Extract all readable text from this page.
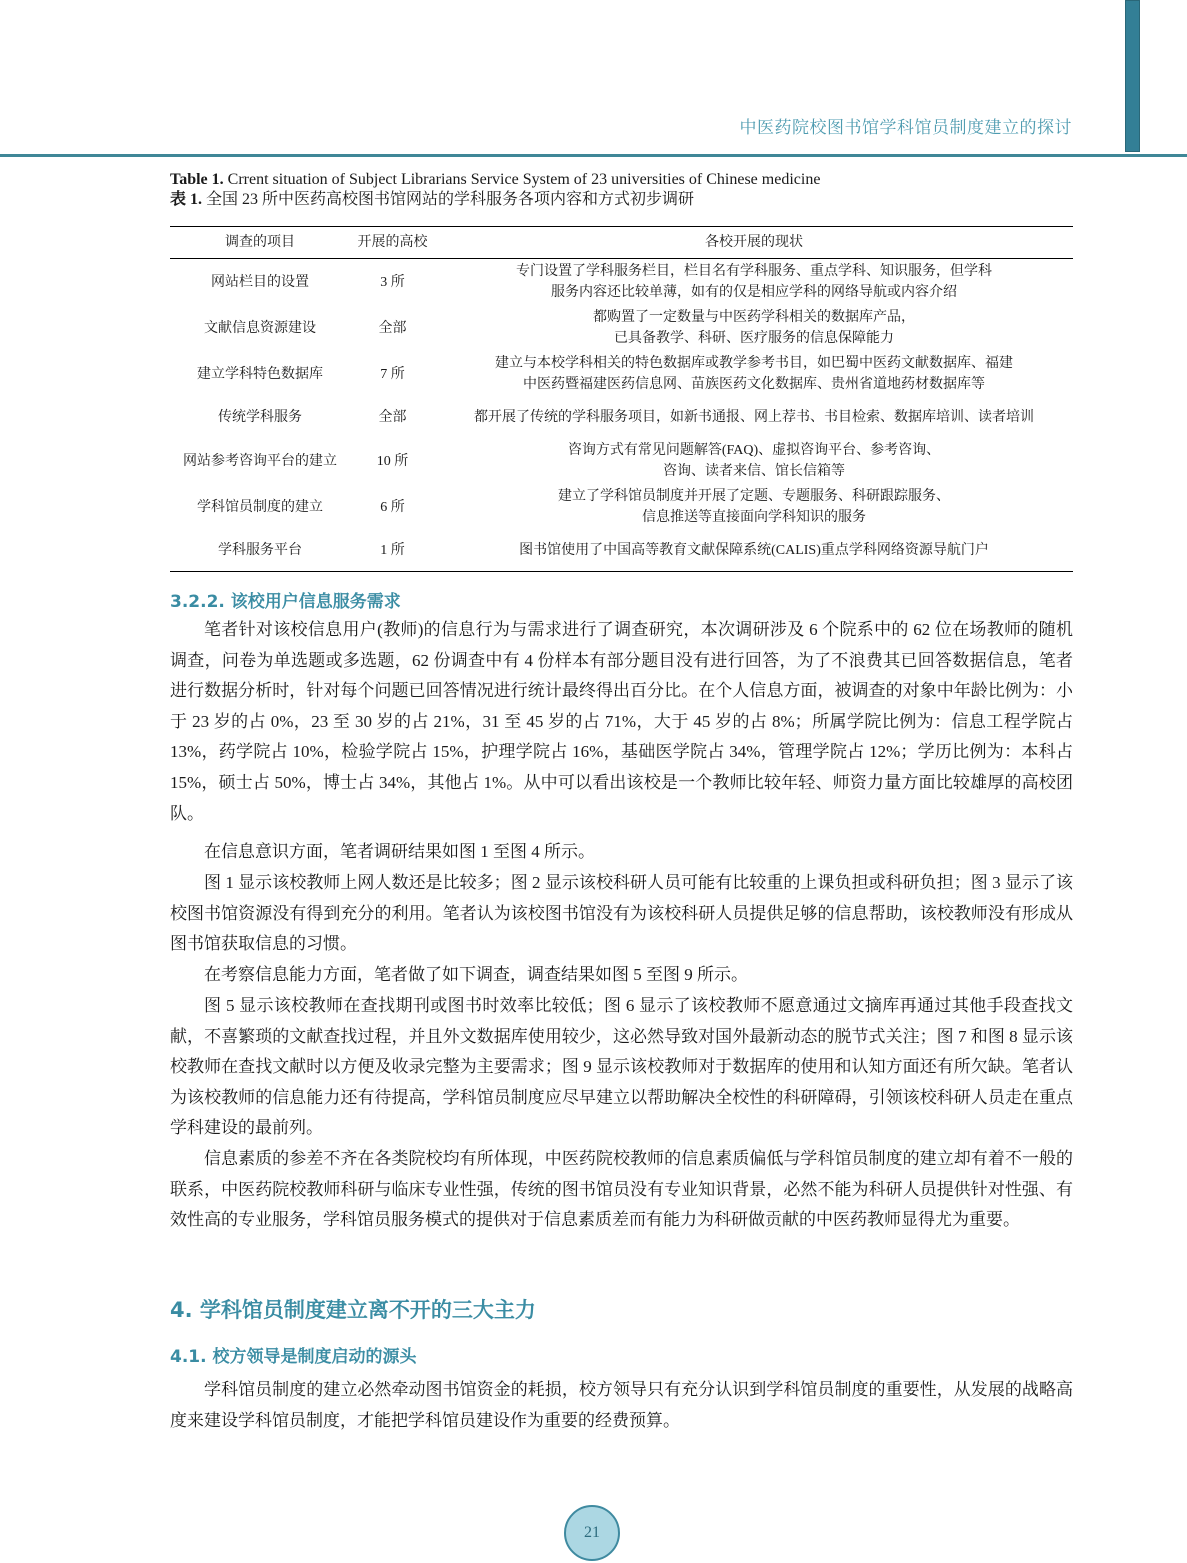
中医药院校图书馆学科馆员制度建立的探讨
Table 1. Crrent situation of Subject Librarians Service System of 23 universities of Chinese medicine
表 1. 全国 23 所中医药高校图书馆网站的学科服务各项内容和方式初步调研
调查的项目	开展的高校	各校开展的现状
网站栏目的设置	3 所	专门设置了学科服务栏目，栏目名有学科服务、重点学科、知识服务，但学科
服务内容还比较单薄，如有的仅是相应学科的网络导航或内容介绍

文献信息资源建设	全部	都购置了一定数量与中医药学科相关的数据库产品，
已具备教学、科研、医疗服务的信息保障能力

建立学科特色数据库	7 所	建立与本校学科相关的特色数据库或教学参考书目，如巴蜀中医药文献数据库、福建
中医药暨福建医药信息网、苗族医药文化数据库、贵州省道地药材数据库等

传统学科服务	全部	都开展了传统的学科服务项目，如新书通报、网上荐书、书目检索、数据库培训、读者培训

网站参考咨询平台的建立	10 所	咨询方式有常见问题解答(FAQ)、虚拟咨询平台、参考咨询、
咨询、读者来信、馆长信箱等

学科馆员制度的建立	6 所	建立了学科馆员制度并开展了定题、专题服务、科研跟踪服务、
信息推送等直接面向学科知识的服务

学科服务平台	1 所	图书馆使用了中国高等教育文献保障系统(CALIS)重点学科网络资源导航门户
3.2.2. 该校用户信息服务需求

笔者针对该校信息用户(教师)的信息行为与需求进行了调查研究，本次调研涉及 6 个院系中的 62 位在场教师的随机调查，问卷为单选题或多选题，62 份调查中有 4 份样本有部分题目没有进行回答，为了不浪费其已回答数据信息，笔者进行数据分析时，针对每个问题已回答情况进行统计最终得出百分比。在个人信息方面，被调查的对象中年龄比例为：小于 23 岁的占 0%，23 至 30 岁的占 21%，31 至 45 岁的占 71%，大于 45 岁的占 8%；所属学院比例为：信息工程学院占 13%，药学院占 10%，检验学院占 15%，护理学院占 16%，基础医学院占 34%，管理学院占 12%；学历比例为：本科占 15%，硕士占 50%，博士占 34%，其他占 1%。从中可以看出该校是一个教师比较年轻、师资力量方面比较雄厚的高校团队。

在信息意识方面，笔者调研结果如图 1 至图 4 所示。

图 1 显示该校教师上网人数还是比较多；图 2 显示该校科研人员可能有比较重的上课负担或科研负担；图 3 显示了该校图书馆资源没有得到充分的利用。笔者认为该校图书馆没有为该校科研人员提供足够的信息帮助，该校教师没有形成从图书馆获取信息的习惯。

在考察信息能力方面，笔者做了如下调查，调查结果如图 5 至图 9 所示。

图 5 显示该校教师在查找期刊或图书时效率比较低；图 6 显示了该校教师不愿意通过文摘库再通过其他手段查找文献，不喜繁琐的文献查找过程，并且外文数据库使用较少，这必然导致对国外最新动态的脱节式关注；图 7 和图 8 显示该校教师在查找文献时以方便及收录完整为主要需求；图 9 显示该校教师对于数据库的使用和认知方面还有所欠缺。笔者认为该校教师的信息能力还有待提高，学科馆员制度应尽早建立以帮助解决全校性的科研障碍，引领该校科研人员走在重点学科建设的最前列。

信息素质的参差不齐在各类院校均有所体现，中医药院校教师的信息素质偏低与学科馆员制度的建立却有着不一般的联系，中医药院校教师科研与临床专业性强，传统的图书馆员没有专业知识背景，必然不能为科研人员提供针对性强、有效性高的专业服务，学科馆员服务模式的提供对于信息素质差而有能力为科研做贡献的中医药教师显得尤为重要。

4. 学科馆员制度建立离不开的三大主力
4.1. 校方领导是制度启动的源头

学科馆员制度的建立必然牵动图书馆资金的耗损，校方领导只有充分认识到学科馆员制度的重要性，从发展的战略高度来建设学科馆员制度，才能把学科馆员建设作为重要的经费预算。

21
